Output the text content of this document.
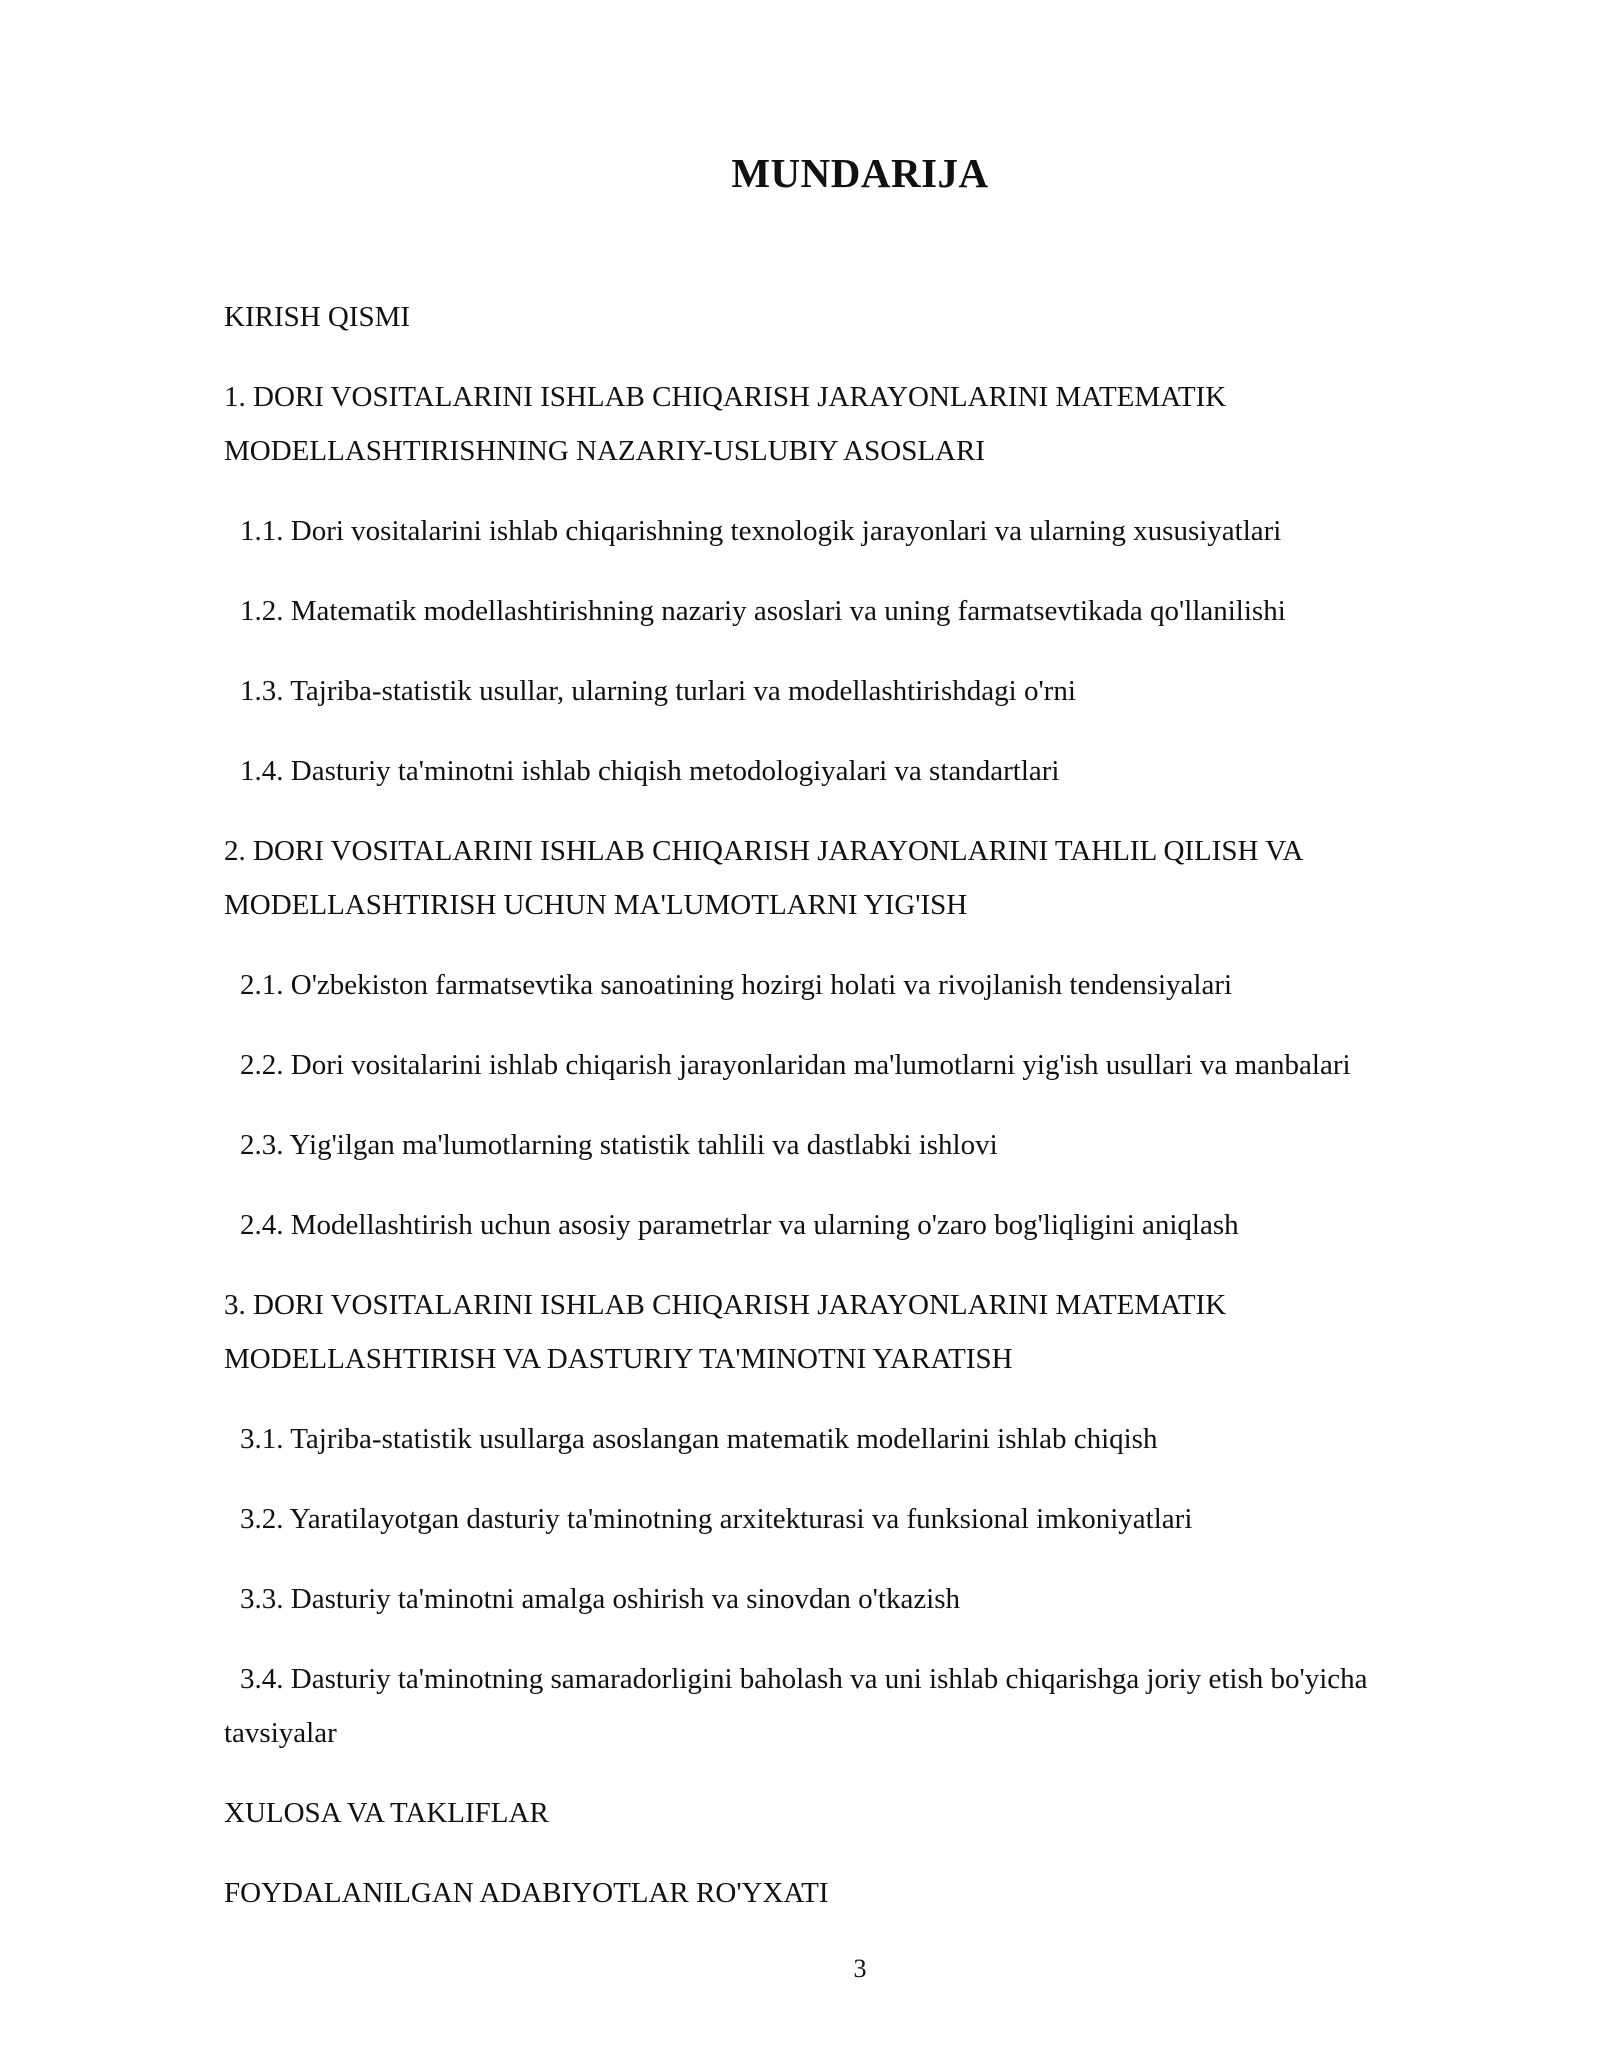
MUNDARIJA

KIRISH QISMI

1. DORI VOSITALARINI ISHLAB CHIQARISH JARAYONLARINI MATEMATIK MODELLASHTIRISHNING NAZARIY-USLUBIY ASOSLARI

1.1. Dori vositalarini ishlab chiqarishning texnologik jarayonlari va ularning xususiyatlari

1.2. Matematik modellashtirishning nazariy asoslari va uning farmatsevtikada qo'llanilishi

1.3. Tajriba-statistik usullar, ularning turlari va modellashtirishdagi o'rni

1.4. Dasturiy ta'minotni ishlab chiqish metodologiyalari va standartlari

2. DORI VOSITALARINI ISHLAB CHIQARISH JARAYONLARINI TAHLIL QILISH VA MODELLASHTIRISH UCHUN MA'LUMOTLARNI YIG'ISH

2.1. O'zbekiston farmatsevtika sanoatining hozirgi holati va rivojlanish tendensiyalari

2.2. Dori vositalarini ishlab chiqarish jarayonlaridan ma'lumotlarni yig'ish usullari va manbalari

2.3. Yig'ilgan ma'lumotlarning statistik tahlili va dastlabki ishlovi

2.4. Modellashtirish uchun asosiy parametrlar va ularning o'zaro bog'liqligini aniqlash

3. DORI VOSITALARINI ISHLAB CHIQARISH JARAYONLARINI MATEMATIK MODELLASHTIRISH VA DASTURIY TA'MINOTNI YARATISH

3.1. Tajriba-statistik usullarga asoslangan matematik modellarini ishlab chiqish

3.2. Yaratilayotgan dasturiy ta'minotning arxitekturasi va funksional imkoniyatlari

3.3. Dasturiy ta'minotni amalga oshirish va sinovdan o'tkazish

3.4. Dasturiy ta'minotning samaradorligini baholash va uni ishlab chiqarishga joriy etish bo'yicha tavsiyalar

XULOSA VA TAKLIFLAR

FOYDALANILGAN ADABIYOTLAR RO'YXATI

3
